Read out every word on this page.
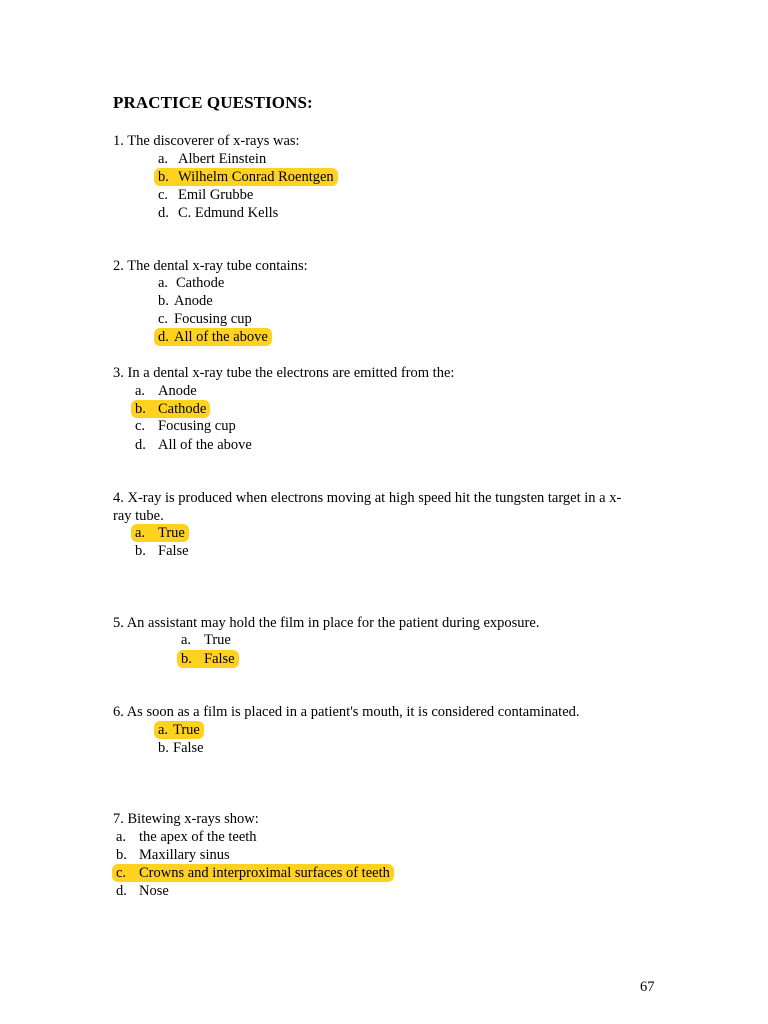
PRACTICE QUESTIONS:
1. The discoverer of x-rays was:
a. Albert Einstein
b. Wilhelm Conrad Roentgen
c. Emil Grubbe
d. C. Edmund Kells
2. The dental x-ray tube contains:
a. Cathode
b. Anode
c. Focusing cup
d. All of the above
3. In a dental x-ray tube the electrons are emitted from the:
a. Anode
b. Cathode
c. Focusing cup
d. All of the above
4. X-ray is produced when electrons moving at high speed hit the tungsten target in a x-
ray tube.
a. True
b. False
5. An assistant may hold the film in place for the patient during exposure.
a. True
b. False
6. As soon as a film is placed in a patient's mouth, it is considered contaminated.
a. True
b. False
7. Bitewing x-rays show:
a. the apex of the teeth
b. Maxillary sinus
c. Crowns and interproximal surfaces of teeth
d. Nose
67
